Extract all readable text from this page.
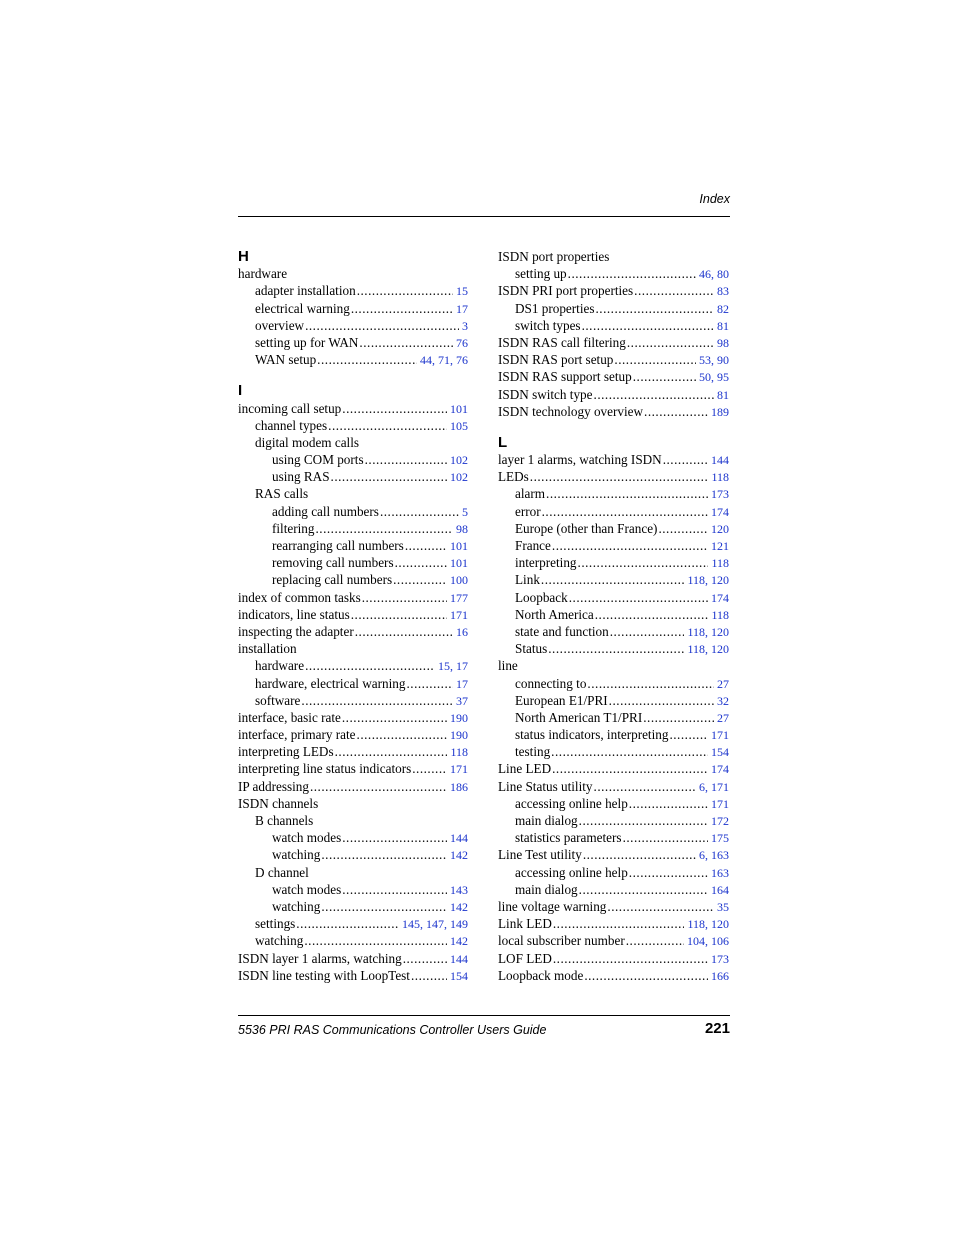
Index
H
hardware
adapter installation .....	15
electrical warning .....	17
overview .....	3
setting up for WAN .....	76
WAN setup .....	44, 71, 76
I
incoming call setup .....	101
channel types .....	105
digital modem calls
using COM ports .....	102
using RAS .....	102
RAS calls
adding call numbers .....	5
filtering .....	98
rearranging call numbers .....	101
removing call numbers .....	101
replacing call numbers .....	100
index of common tasks .....	177
indicators, line status .....	171
inspecting the adapter .....	16
installation
hardware .....	15, 17
hardware, electrical warning .....	17
software .....	37
interface, basic rate .....	190
interface, primary rate .....	190
interpreting LEDs .....	118
interpreting line status indicators .....	171
IP addressing .....	186
ISDN channels
B channels
watch modes .....	144
watching .....	142
D channel
watch modes .....	143
watching .....	142
settings .....	145, 147, 149
watching .....	142
ISDN layer 1 alarms, watching .....	144
ISDN line testing with LoopTest .....	154
ISDN port properties
setting up .....	46, 80
ISDN PRI port properties .....	83
DS1 properties .....	82
switch types .....	81
ISDN RAS call filtering .....	98
ISDN RAS port setup .....	53, 90
ISDN RAS support setup .....	50, 95
ISDN switch type .....	81
ISDN technology overview .....	189
L
layer 1 alarms, watching ISDN .....	144
LEDs .....	118
alarm .....	173
error .....	174
Europe (other than France) .....	120
France .....	121
interpreting .....	118
Link .....	118, 120
Loopback .....	174
North America .....	118
state and function .....	118, 120
Status .....	118, 120
line
connecting to .....	27
European E1/PRI .....	32
North American T1/PRI .....	27
status indicators, interpreting .....	171
testing .....	154
Line LED .....	174
Line Status utility .....	6, 171
accessing online help .....	171
main dialog .....	172
statistics parameters .....	175
Line Test utility .....	6, 163
accessing online help .....	163
main dialog .....	164
line voltage warning .....	35
Link LED .....	118, 120
local subscriber number .....	104, 106
LOF LED .....	173
Loopback mode .....	166
5536 PRI RAS Communications Controller Users Guide	221
